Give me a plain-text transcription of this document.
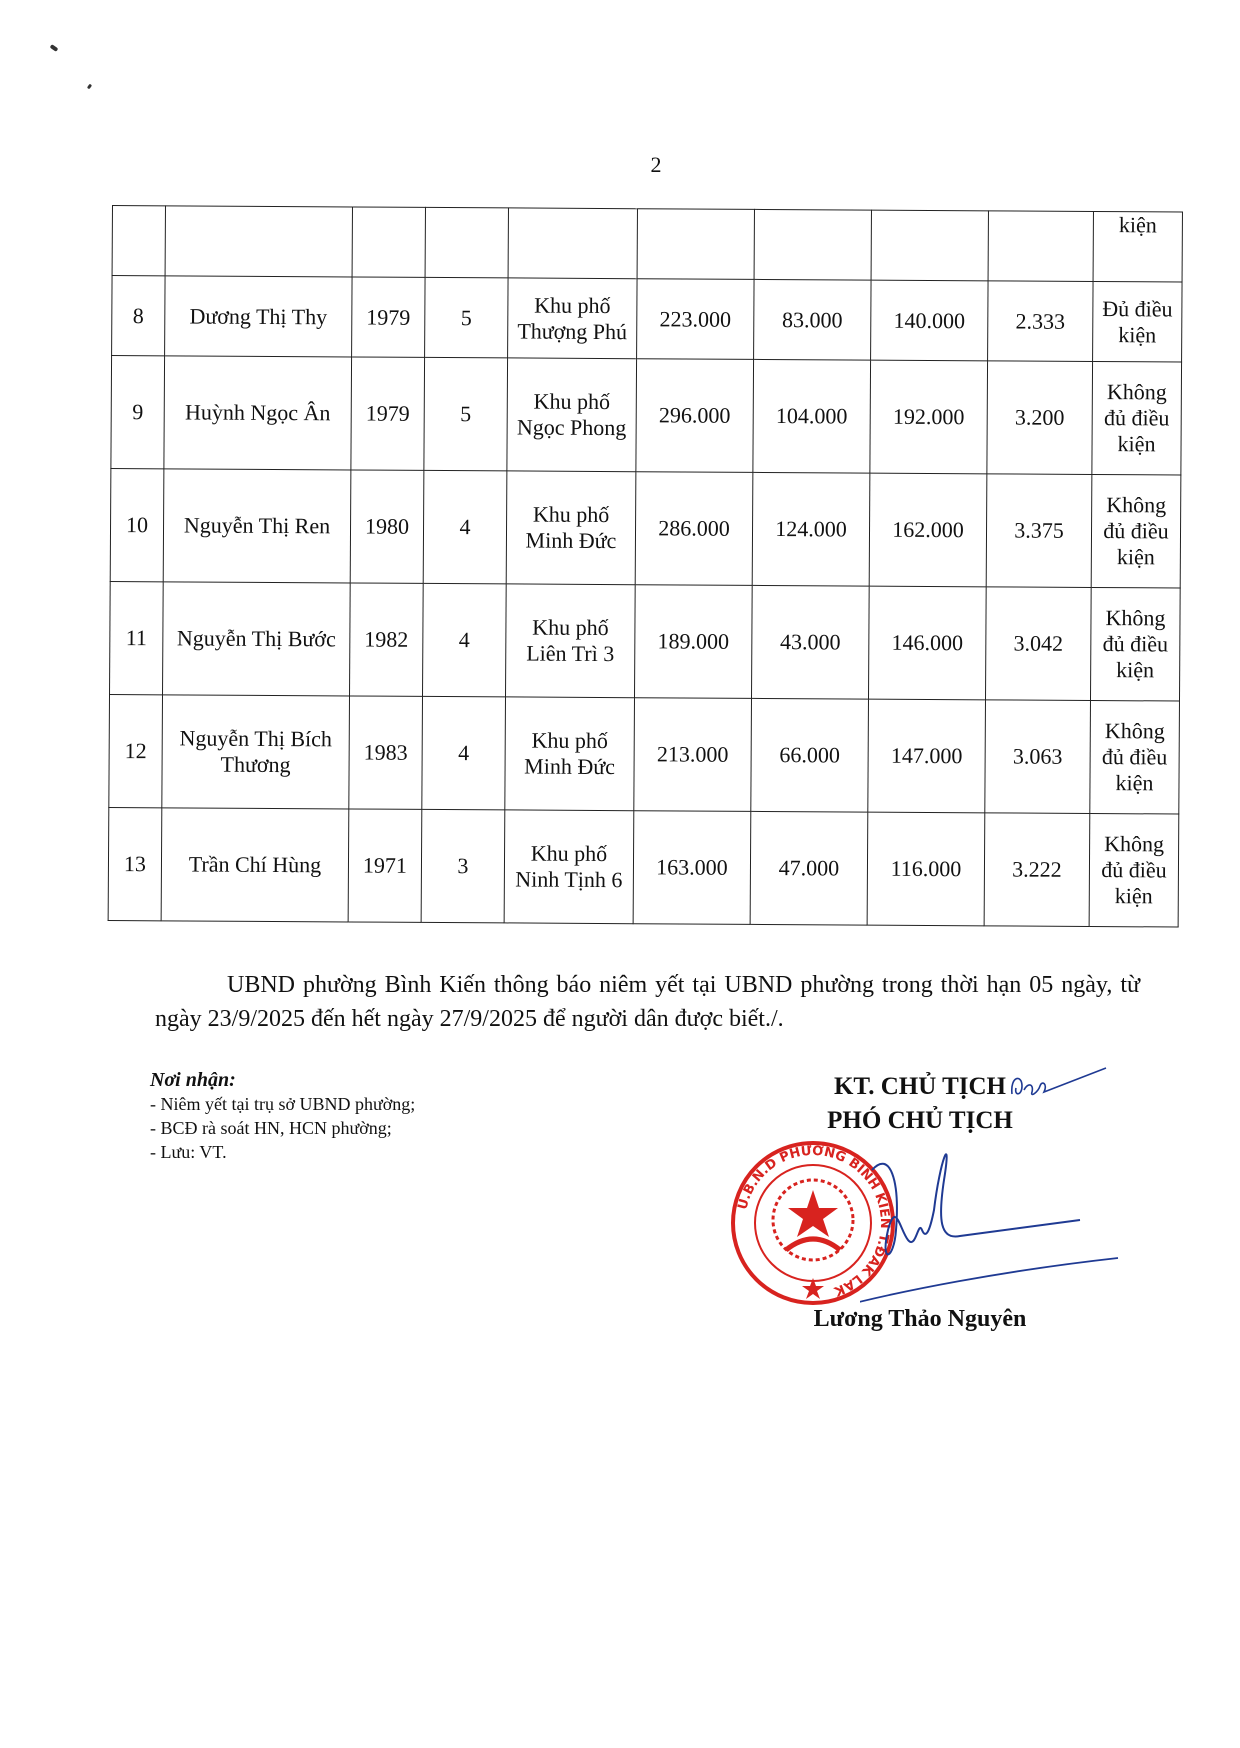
2
									kiện
8	Dương Thị Thy	1979	5	Khu phố Thượng Phú	223.000	83.000	140.000	2.333	Đủ điều kiện
9	Huỳnh Ngọc Ân	1979	5	Khu phố Ngọc Phong	296.000	104.000	192.000	3.200	Không đủ điều kiện
10	Nguyễn Thị Ren	1980	4	Khu phố Minh Đức	286.000	124.000	162.000	3.375	Không đủ điều kiện
11	Nguyễn Thị Bước	1982	4	Khu phố Liên Trì 3	189.000	43.000	146.000	3.042	Không đủ điều kiện
12	Nguyễn Thị Bích Thương	1983	4	Khu phố Minh Đức	213.000	66.000	147.000	3.063	Không đủ điều kiện
13	Trần Chí Hùng	1971	3	Khu phố Ninh Tịnh 6	163.000	47.000	116.000	3.222	Không đủ điều kiện
UBND phường Bình Kiến thông báo niêm yết tại UBND phường trong thời hạn 05 ngày, từ ngày 23/9/2025 đến hết ngày 27/9/2025 để người dân được biết./.
Nơi nhận:
- Niêm yết tại trụ sở UBND phường;
- BCĐ rà soát HN, HCN phường;
- Lưu: VT.
KT. CHỦ TỊCH
PHÓ CHỦ TỊCH
U.B.N.D PHƯỜNG BÌNH KIẾN T.ĐẮK LẮK
Lương Thảo Nguyên
